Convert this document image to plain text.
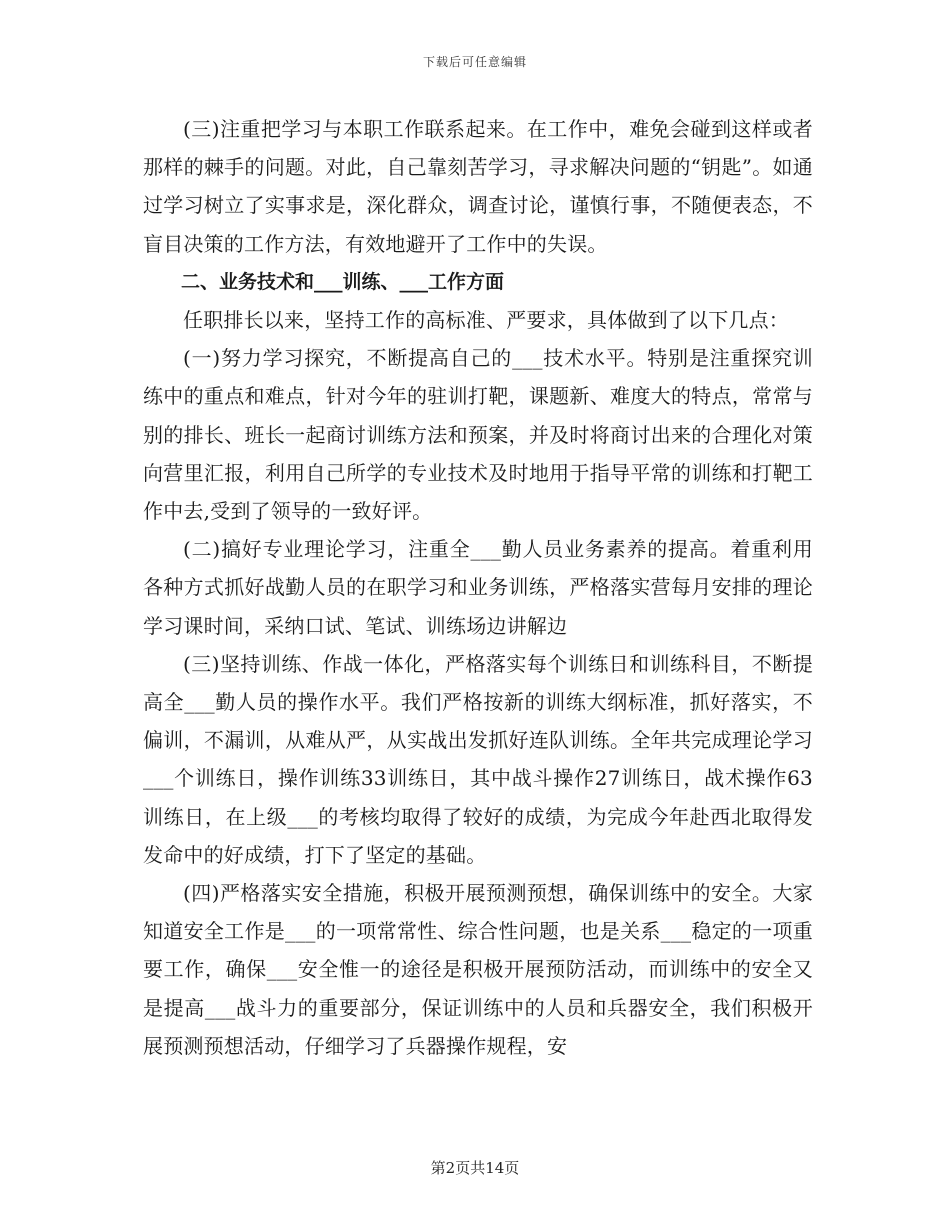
下载后可任意编辑

(三)注重把学习与本职工作联系起来。在工作中，难免会碰到这样或者那样的棘手的问题。对此，自己靠刻苦学习，寻求解决问题的“钥匙”。如通过学习树立了实事求是，深化群众，调查讨论，谨慎行事，不随便表态，不盲目决策的工作方法，有效地避开了工作中的失误。

二、业务技术和___训练、___工作方面

任职排长以来，坚持工作的高标准、严要求，具体做到了以下几点：

(一)努力学习探究，不断提高自己的___技术水平。特别是注重探究训练中的重点和难点，针对今年的驻训打靶，课题新、难度大的特点，常常与别的排长、班长一起商讨训练方法和预案，并及时将商讨出来的合理化对策向营里汇报，利用自己所学的专业技术及时地用于指导平常的训练和打靶工作中去,受到了领导的一致好评。

(二)搞好专业理论学习，注重全___勤人员业务素养的提高。着重利用各种方式抓好战勤人员的在职学习和业务训练，严格落实营每月安排的理论学习课时间，采纳口试、笔试、训练场边讲解边

(三)坚持训练、作战一体化，严格落实每个训练日和训练科目，不断提高全___勤人员的操作水平。我们严格按新的训练大纲标准，抓好落实，不偏训，不漏训，从难从严，从实战出发抓好连队训练。全年共完成理论学习___个训练日，操作训练33训练日，其中战斗操作27训练日，战术操作63训练日，在上级___的考核均取得了较好的成绩，为完成今年赴西北取得发发命中的好成绩，打下了坚定的基础。

(四)严格落实安全措施，积极开展预测预想，确保训练中的安全。大家知道安全工作是___的一项常常性、综合性问题，也是关系___稳定的一项重要工作，确保___安全惟一的途径是积极开展预防活动，而训练中的安全又是提高___战斗力的重要部分，保证训练中的人员和兵器安全，我们积极开展预测预想活动，仔细学习了兵器操作规程，安

第2页共14页
